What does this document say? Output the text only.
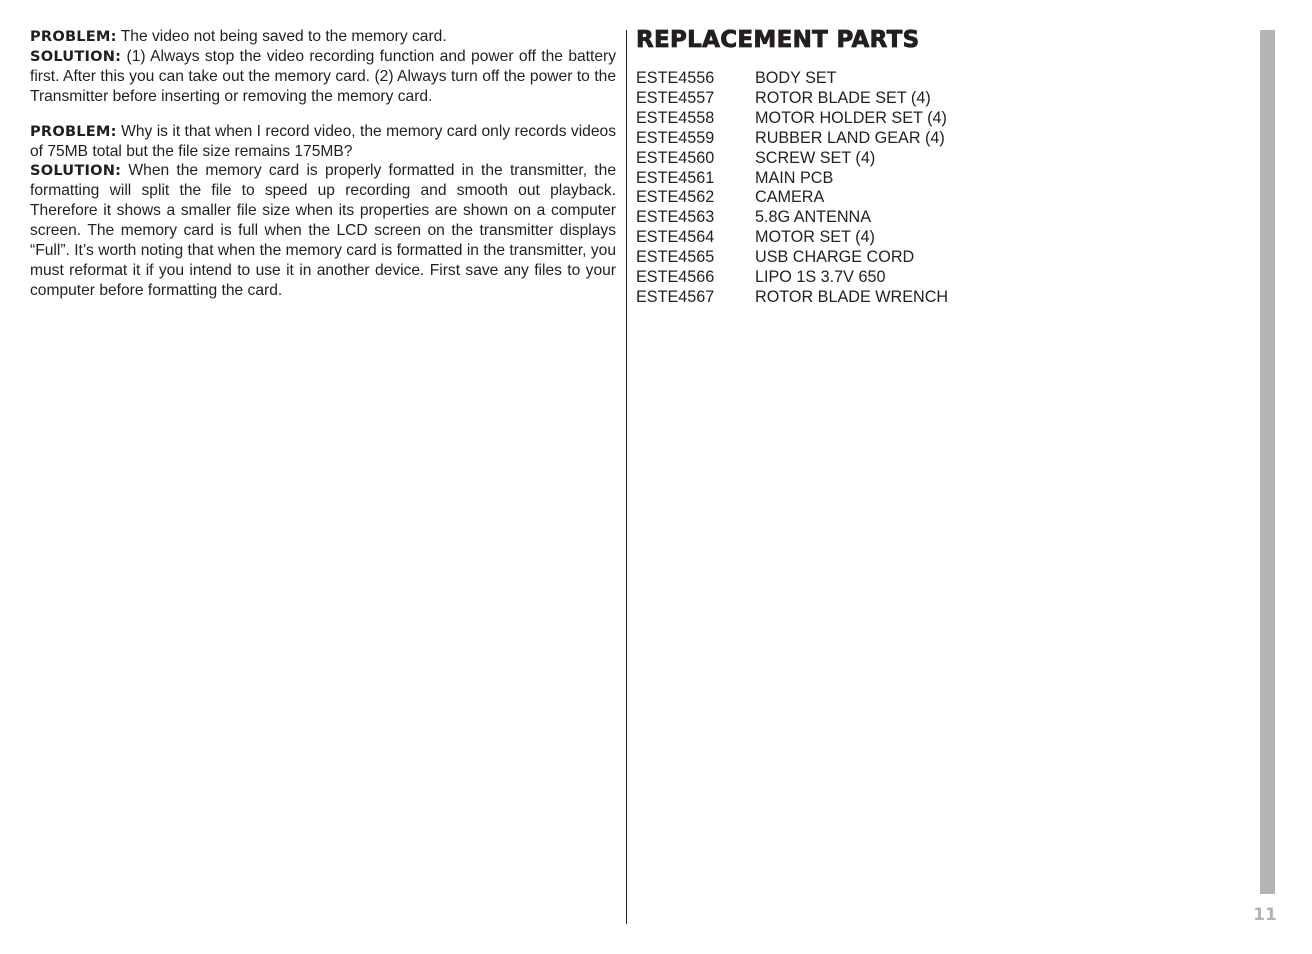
PROBLEM: The video not being saved to the memory card.

SOLUTION: (1) Always stop the video recording function and power off the battery first. After this you can take out the memory card. (2) Always turn off the power to the Transmitter before inserting or removing the memory card.

PROBLEM: Why is it that when I record video, the memory card only records videos of 75MB total but the file size remains 175MB?

SOLUTION: When the memory card is properly formatted in the transmitter, the formatting will split the file to speed up recording and smooth out playback. Therefore it shows a smaller file size when its properties are shown on a computer screen. The memory card is full when the LCD screen on the transmitter displays “Full”. It’s worth noting that when the memory card is formatted in the transmitter, you must reformat it if you intend to use it in another device. First save any files to your computer before formatting the card.

REPLACEMENT PARTS
ESTE4556	BODY SET
ESTE4557	ROTOR BLADE SET (4)
ESTE4558	MOTOR HOLDER SET (4)
ESTE4559	RUBBER LAND GEAR (4)
ESTE4560	SCREW SET (4)
ESTE4561	MAIN PCB
ESTE4562	CAMERA
ESTE4563	5.8G ANTENNA
ESTE4564	MOTOR SET (4)
ESTE4565	USB CHARGE CORD
ESTE4566	LIPO 1S 3.7V 650
ESTE4567	ROTOR BLADE WRENCH
11
